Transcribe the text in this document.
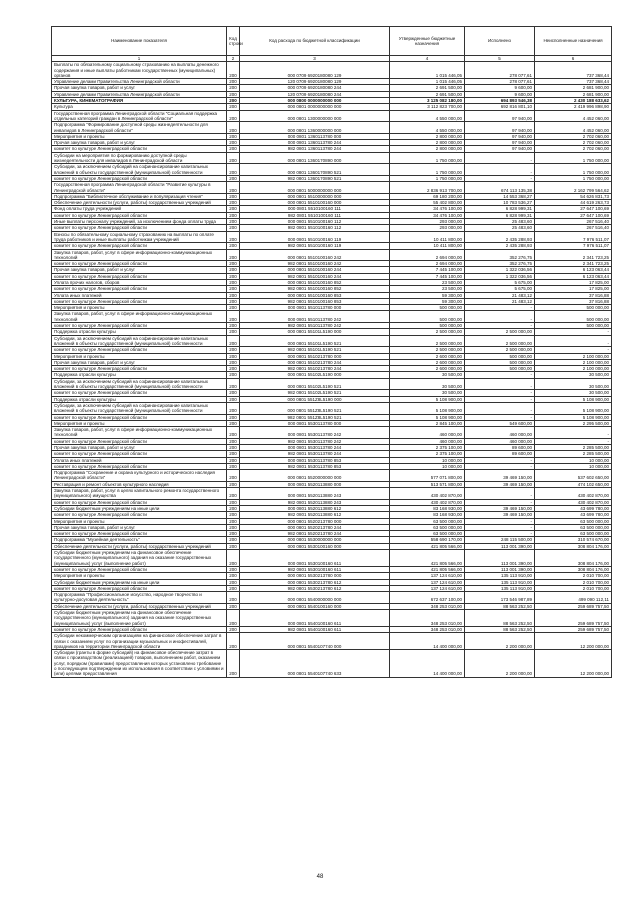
Наименование показателя	Код строки	Код расхода по бюджетной классификации	Утвержденные бюджетные назначения	Исполнено	Неисполненные назначения
1	2	3	4	5	6
Выплаты по обязательному социальному страхованию на выплаты денежного содержания и иные выплаты работникам государственных (муниципальных) органов	200	000 0709 6920180080 129	1 015 446,05	278 077,61	737 368,44
Управление делами Правительства Ленинградской области	200	120 0709 6920180080 129	1 015 446,05	278 077,61	737 368,44
Прочая закупка товаров, работ и услуг	200	000 0709 6920180080 244	2 691 500,00	9 600,00	2 681 900,00
Управление делами Правительства Ленинградской области	200	120 0709 6920180080 244	2 691 500,00	9 600,00	2 681 900,00
КУЛЬТУРА, КИНЕМАТОГРАФИЯ	200	000 0800 0000000000 000	3 125 082 180,00	694 893 546,38	2 430 188 633,62
Культура	200	000 0801 0000000000 000	3 112 823 700,00	692 816 801,10	2 419 996 898,90
Государственная программа Ленинградской области "Социальная поддержка отдельных категорий граждан в Ленинградской области"	200	000 0801 1300000000 000	4 550 000,00	97 940,00	4 452 060,00
Подпрограмма "Формирование доступной среды жизнедеятельности для инвалидов в Ленинградской области"	200	000 0801 1360000000 000	4 550 000,00	97 940,00	4 452 060,00
Мероприятия и проекты	200	000 0801 1360113780 000	2 800 000,00	97 940,00	2 702 060,00
Прочая закупка товаров, работ и услуг	200	000 0801 1360113780 244	2 800 000,00	97 940,00	2 702 060,00
комитет по культуре Ленинградской области	200	982 0801 1360113780 244	2 800 000,00	97 940,00	2 702 060,00
Субсидии на мероприятия по формированию доступной среды жизнедеятельности для инвалидов в Ленинградской области	200	000 0801 1360170890 000	1 750 000,00	-	1 750 000,00
Субсидии, за исключением субсидий на софинансирование капитальных вложений в объекты государственной (муниципальной) собственности	200	000 0801 1360170890 521	1 750 000,00	-	1 750 000,00
комитет по культуре Ленинградской области	200	982 0801 1360170890 521	1 750 000,00	-	1 750 000,00
Государственная программа Ленинградской области "Развитие культуры в Ленинградской области"	200	000 0801 5000000000 000	2 836 913 700,00	674 113 135,38	2 162 799 564,62
Подпрограмма "Библиотечное обслуживание и популяризация чтения"	200	000 0801 5510000000 000	69 180 200,00	14 553 368,27	54 626 831,73
Обеспечение деятельности (услуги, работы) государственных учреждений	200	000 0801 5510100160 000	55 402 800,00	10 783 536,27	44 619 263,73
Фонд оплаты труда учреждений	200	000 0801 5510100160 111	34 476 100,00	6 828 999,31	27 647 100,69
комитет по культуре Ленинградской области	200	982 0801 5510100160 111	34 476 100,00	6 828 999,31	27 647 100,69
Иные выплаты персоналу учреждений, за исключением фонда оплаты труда	200	000 0801 5510100160 112	293 000,00	25 483,60	267 516,40
комитет по культуре Ленинградской области	200	982 0801 5510100160 112	293 000,00	25 483,60	267 516,40
Взносы по обязательному социальному страхованию на выплаты по оплате труда работников и иные выплаты работникам учреждений	200	000 0801 5510100160 119	10 411 800,00	2 435 288,93	7 976 511,07
комитет по культуре Ленинградской области	200	982 0801 5510100160 119	10 411 800,00	2 435 288,93	7 976 511,07
Закупка товаров, работ, услуг в сфере информационно-коммуникационных технологий	200	000 0801 5510100160 242	2 694 000,00	352 276,75	2 341 723,25
комитет по культуре Ленинградской области	200	982 0801 5510100160 242	2 694 000,00	352 276,75	2 341 723,25
Прочая закупка товаров, работ и услуг	200	000 0801 5510100160 244	7 445 100,00	1 322 036,56	6 123 063,44
комитет по культуре Ленинградской области	200	982 0801 5510100160 244	7 445 100,00	1 322 036,56	6 123 063,44
Уплата прочих налогов, сборов	200	000 0801 5510100160 852	23 500,00	5 675,00	17 825,00
комитет по культуре Ленинградской области	200	982 0801 5510100160 852	23 500,00	5 675,00	17 825,00
Уплата иных платежей	200	000 0801 5510100160 853	59 300,00	21 483,12	37 816,88
комитет по культуре Ленинградской области	200	982 0801 5510100160 853	59 300,00	21 483,12	37 816,88
Мероприятия и проекты	200	000 0801 5510113780 000	500 000,00	-	500 000,00
Закупка товаров, работ, услуг в сфере информационно-коммуникационных технологий	200	000 0801 5510113780 242	500 000,00	-	500 000,00
комитет по культуре Ленинградской области	200	982 0801 5510113780 242	500 000,00	-	500 000,00
Поддержка отрасли культуры	200	000 0801 55101L5190 000	2 500 000,00	2 500 000,00	-
Субсидии, за исключением субсидий на софинансирование капитальных вложений в объекты государственной (муниципальной) собственности	200	000 0801 55101L5190 521	2 500 000,00	2 500 000,00	-
комитет по культуре Ленинградской области	200	982 0801 55101L5190 521	2 500 000,00	2 500 000,00	-
Мероприятия и проекты	200	000 0801 5510213780 000	2 600 000,00	500 000,00	2 100 000,00
Прочая закупка товаров, работ и услуг	200	000 0801 5510213780 244	2 600 000,00	500 000,00	2 100 000,00
комитет по культуре Ленинградской области	200	982 0801 5510213780 244	2 600 000,00	500 000,00	2 100 000,00
Поддержка отрасли культуры	200	000 0801 55102L5190 000	30 500,00	-	30 500,00
Субсидии, за исключением субсидий на софинансирование капитальных вложений в объекты государственной (муниципальной) собственности	200	000 0801 55102L5190 521	30 500,00	-	30 500,00
комитет по культуре Ленинградской области	200	982 0801 55102L5190 521	30 500,00	-	30 500,00
Поддержка отрасли культуры	200	000 0801 551Z8L5190 000	5 108 900,00	-	5 108 900,00
Субсидии, за исключением субсидий на софинансирование капитальных вложений в объекты государственной (муниципальной) собственности	200	000 0801 551Z8L5190 521	5 108 900,00	-	5 108 900,00
комитет по культуре Ленинградской области	200	982 0801 551Z8L5190 521	5 108 900,00	-	5 108 900,00
Мероприятия и проекты	200	000 0801 5530113780 000	2 845 100,00	549 600,00	2 295 500,00
Закупка товаров, работ, услуг в сфере информационно-коммуникационных технологий	200	000 0801 5530113780 242	460 000,00	460 000,00	-
комитет по культуре Ленинградской области	200	982 0801 5530113780 242	460 000,00	460 000,00	-
Прочая закупка товаров, работ и услуг	200	000 0801 5530113780 244	2 375 100,00	89 600,00	2 285 500,00
комитет по культуре Ленинградской области	200	982 0801 5530113780 244	2 375 100,00	89 600,00	2 285 500,00
Уплата иных платежей	200	000 0801 5530113780 853	10 000,00	-	10 000,00
комитет по культуре Ленинградской области	200	982 0801 5530113780 853	10 000,00	-	10 000,00
Подпрограмма "Сохранение и охрана культурного и исторического наследия Ленинградской области"	200	000 0801 5520000000 000	577 071 800,00	39 469 150,00	537 602 650,00
Реставрация и ремонт объектов культурного наследия	200	000 0801 5520113880 000	513 571 800,00	39 469 150,00	474 102 650,00
Закупка товаров, работ, услуг в целях капитального ремонта государственного (муниципального) имущества	200	000 0801 5520113880 243	430 402 870,00	-	430 402 870,00
комитет по культуре Ленинградской области	200	982 0801 5520113880 243	430 402 870,00	-	430 402 870,00
Субсидии бюджетным учреждениям на иные цели	200	000 0801 5520113880 612	83 168 930,00	39 469 150,00	43 699 780,00
комитет по культуре Ленинградской области	200	982 0801 5520113880 612	83 168 930,00	39 469 150,00	43 699 780,00
Мероприятия и проекты	200	000 0801 5520213780 000	63 500 000,00	-	63 500 000,00
Прочая закупка товаров, работ и услуг	200	000 0801 5520213780 244	63 500 000,00	-	63 500 000,00
комитет по культуре Ленинградской области	200	982 0801 5520213780 244	63 500 000,00	-	63 500 000,00
Подпрограмма "Музейная деятельность"	200	000 0801 5530000000 000	558 690 170,00	248 115 500,00	310 574 670,00
Обеспечение деятельности (услуги, работы) государственных учреждений	200	000 0801 5530100160 000	421 805 566,00	113 001 390,00	308 804 176,00
Субсидии бюджетным учреждениям на финансовое обеспечение государственного (муниципального) задания на оказание государственных (муниципальных) услуг (выполнение работ)	200	000 0801 5530100160 611	421 805 566,00	113 001 390,00	308 804 176,00
комитет по культуре Ленинградской области	200	982 0801 5530100160 611	421 805 566,00	113 001 390,00	308 804 176,00
Мероприятия и проекты	200	000 0801 5530213780 000	137 124 610,00	135 113 910,00	2 010 700,00
Субсидии бюджетным учреждениям на иные цели	200	000 0801 5530213780 612	137 124 610,00	135 113 910,00	2 010 700,00
комитет по культуре Ленинградской области	200	982 0801 5530213780 612	137 124 610,00	135 113 910,00	2 010 700,00
Подпрограмма "Профессиональное искусство, народное творчество и культурно-досуговая деятельность"	200	000 0801 5540000000 000	672 637 100,00	173 546 987,89	499 090 112,11
Обеспечение деятельности (услуги, работы) государственных учреждений	200	000 0801 5540100160 000	348 253 010,00	88 563 252,50	259 689 757,50
Субсидии бюджетным учреждениям на финансовое обеспечение государственного (муниципального) задания на оказание государственных (муниципальных) услуг (выполнение работ)	200	000 0801 5540100160 611	348 253 010,00	88 563 252,50	259 689 757,50
комитет по культуре Ленинградской области	200	982 0801 5540100160 611	348 253 010,00	88 563 252,50	259 689 757,50
Субсидии некоммерческим организациям на финансовое обеспечение затрат в связи с оказанием услуг по организации музыкальных и инофестивалей, праздников на территории Ленинградской области	200	000 0801 5540107740 000	14 400 000,00	2 200 000,00	12 200 000,00
Субсидии (гранты в форме субсидий) на финансовое обеспечение затрат в связи с производством (реализацией) товаров, выполнением работ, оказанием услуг, порядком (правилами) предоставления которых установлено требование о последующем подтверждении их использования в соответствии с условиями и (или) целями предоставления	200	000 0801 5540107740 633	14 400 000,00	2 200 000,00	12 200 000,00
48
